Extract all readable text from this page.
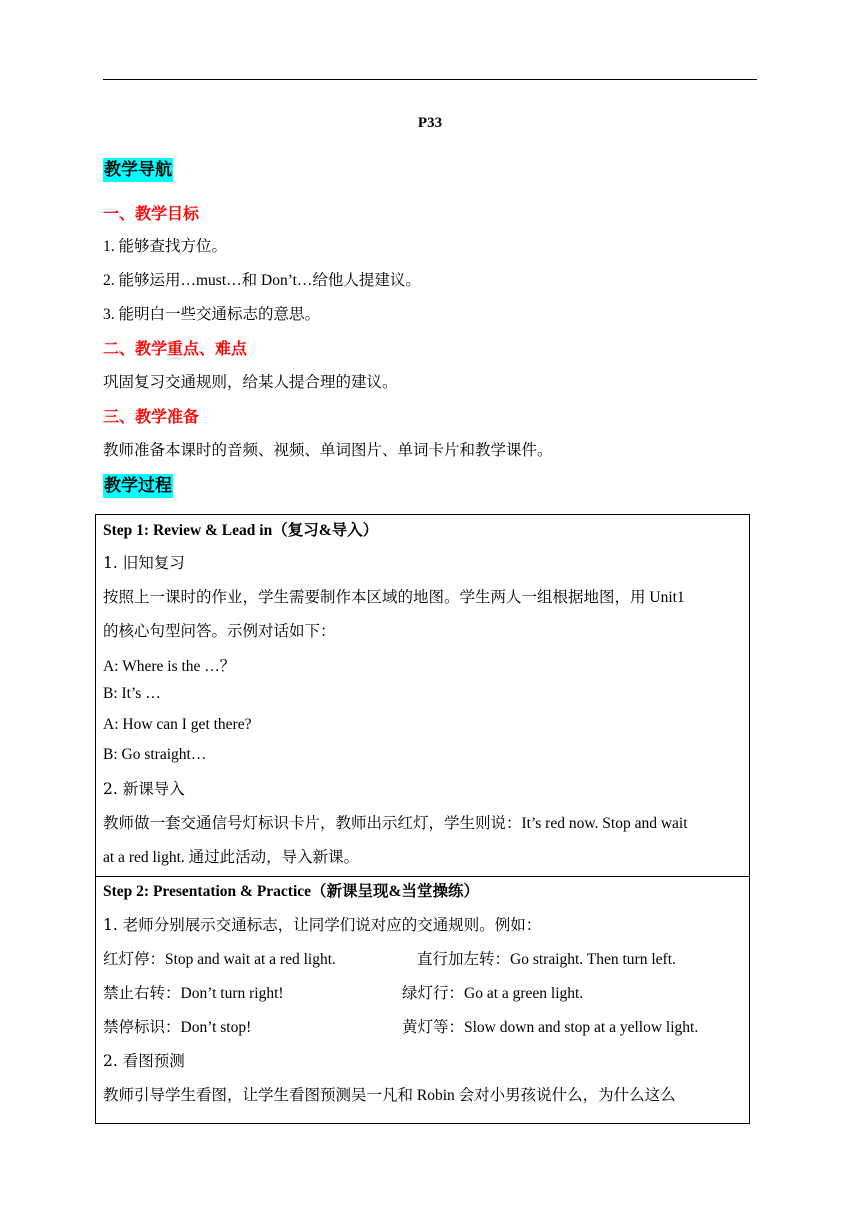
P33
教学导航
一、教学目标
1. 能够查找方位。
2. 能够运用…must…和 Don’t…给他人提建议。
3. 能明白一些交通标志的意思。
二、教学重点、难点
巩固复习交通规则，给某人提合理的建议。
三、教学准备
教师准备本课时的音频、视频、单词图片、单词卡片和教学课件。
教学过程
Step 1: Review & Lead in（复习&导入）
1. 旧知复习
按照上一课时的作业，学生需要制作本区域的地图。学生两人一组根据地图，用 Unit1
的核心句型问答。示例对话如下：
A: Where is the …？
B: It’s …
A: How can I get there?
B: Go straight…
2. 新课导入
教师做一套交通信号灯标识卡片，教师出示红灯，学生则说：It’s red now. Stop and wait
at a red light. 通过此活动，导入新课。
Step 2: Presentation & Practice（新课呈现&当堂操练）
1. 老师分别展示交通标志，让同学们说对应的交通规则。例如：
红灯停：Stop and wait at a red light.	直行加左转：Go straight. Then turn left.
禁止右转：Don’t turn right!	绿灯行：Go at a green light.
禁停标识：Don’t stop!	黄灯等：Slow down and stop at a yellow light.
2. 看图预测
教师引导学生看图，让学生看图预测吴一凡和 Robin 会对小男孩说什么，为什么这么
